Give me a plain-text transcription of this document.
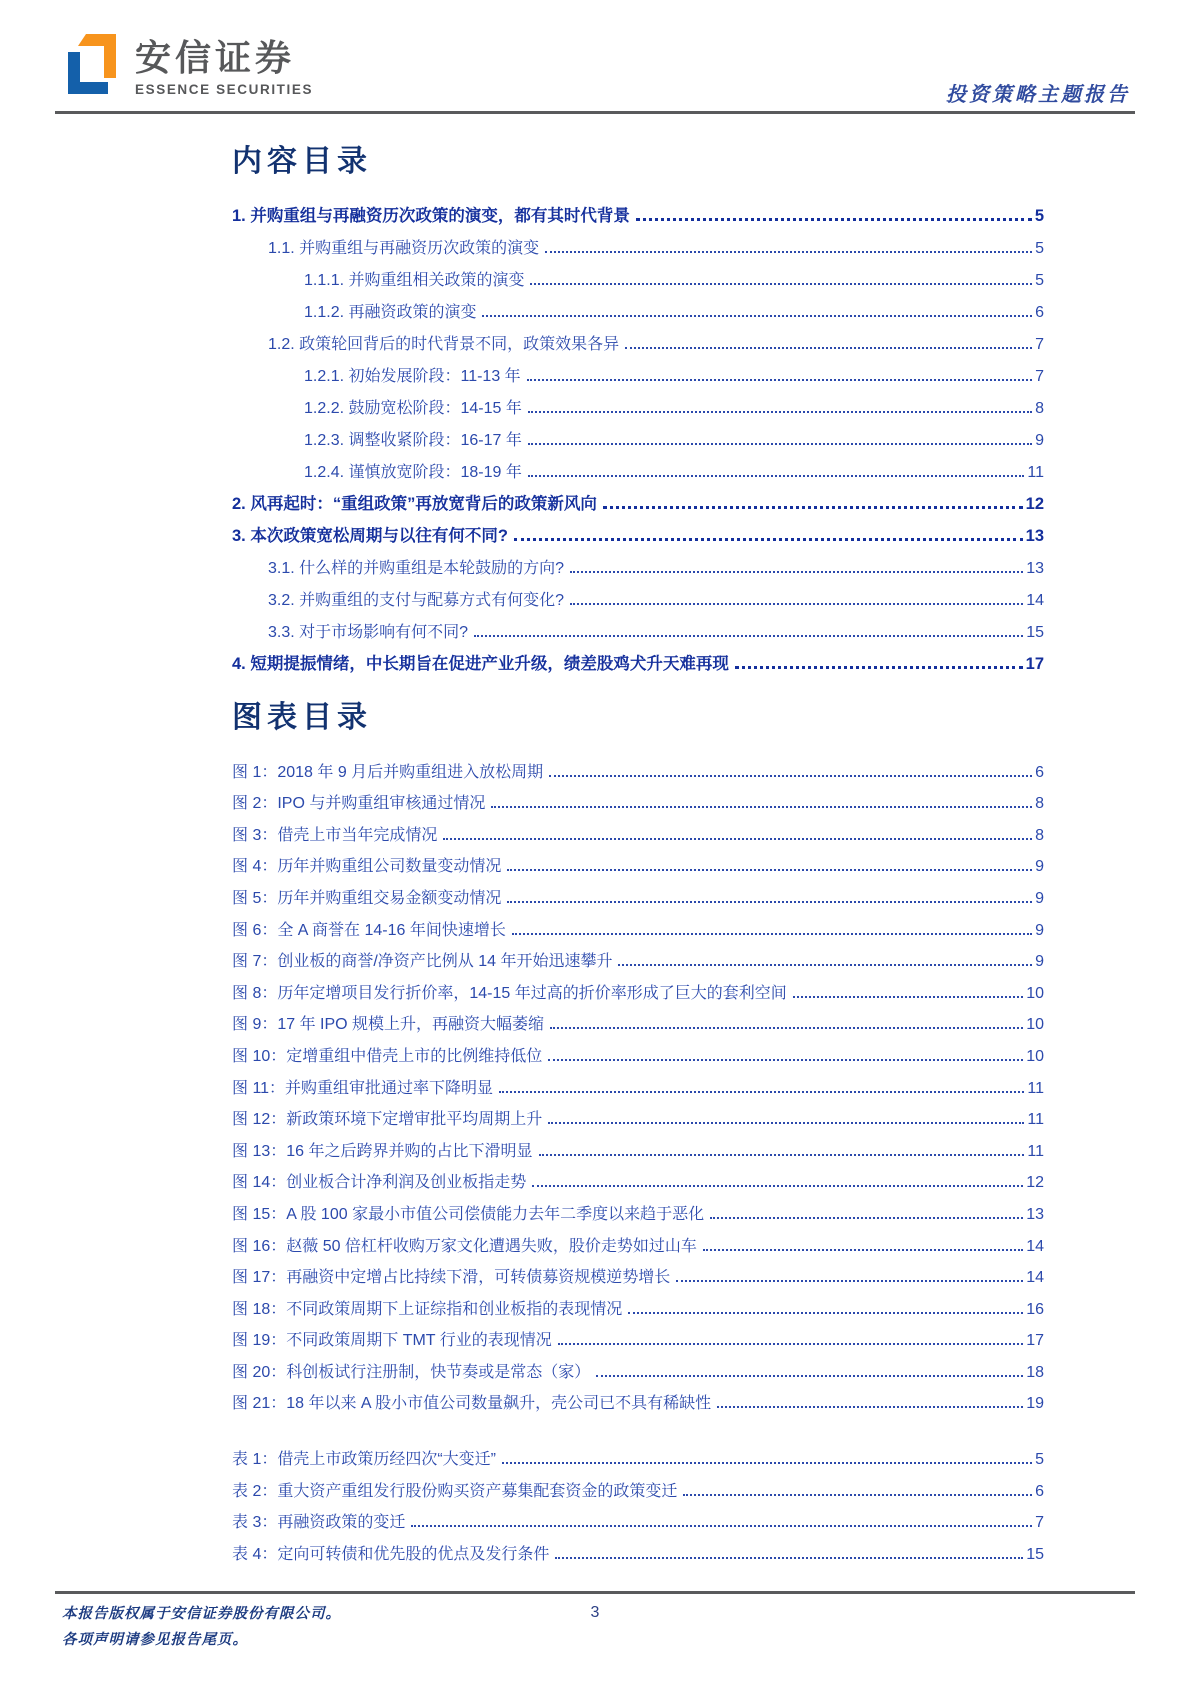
安信证券
ESSENCE SECURITIES	投资策略主题报告
内容目录
1. 并购重组与再融资历次政策的演变，都有其时代背景	5
1.1. 并购重组与再融资历次政策的演变	5
1.1.1. 并购重组相关政策的演变	5
1.1.2. 再融资政策的演变	6
1.2. 政策轮回背后的时代背景不同，政策效果各异	7
1.2.1. 初始发展阶段：11-13 年	7
1.2.2. 鼓励宽松阶段：14-15 年	8
1.2.3. 调整收紧阶段：16-17 年	9
1.2.4. 谨慎放宽阶段：18-19 年	11
2. 风再起时：“重组政策”再放宽背后的政策新风向	12
3. 本次政策宽松周期与以往有何不同?	13
3.1. 什么样的并购重组是本轮鼓励的方向?	13
3.2. 并购重组的支付与配募方式有何变化?	14
3.3. 对于市场影响有何不同?	15
4. 短期提振情绪，中长期旨在促进产业升级，绩差股鸡犬升天难再现	17
图表目录
图 1：2018 年 9 月后并购重组进入放松周期	6
图 2：IPO 与并购重组审核通过情况	8
图 3：借壳上市当年完成情况	8
图 4：历年并购重组公司数量变动情况	9
图 5：历年并购重组交易金额变动情况	9
图 6：全 A 商誉在 14-16 年间快速增长	9
图 7：创业板的商誉/净资产比例从 14 年开始迅速攀升	9
图 8：历年定增项目发行折价率，14-15 年过高的折价率形成了巨大的套利空间	10
图 9：17 年 IPO 规模上升，再融资大幅萎缩	10
图 10：定增重组中借壳上市的比例维持低位	10
图 11：并购重组审批通过率下降明显	11
图 12：新政策环境下定增审批平均周期上升	11
图 13：16 年之后跨界并购的占比下滑明显	11
图 14：创业板合计净利润及创业板指走势	12
图 15：A 股 100 家最小市值公司偿债能力去年二季度以来趋于恶化	13
图 16：赵薇 50 倍杠杆收购万家文化遭遇失败，股价走势如过山车	14
图 17：再融资中定增占比持续下滑，可转债募资规模逆势增长	14
图 18：不同政策周期下上证综指和创业板指的表现情况	16
图 19：不同政策周期下 TMT 行业的表现情况	17
图 20：科创板试行注册制，快节奏或是常态（家）	18
图 21：18 年以来 A 股小市值公司数量飙升，壳公司已不具有稀缺性	19
表 1：借壳上市政策历经四次“大变迁”	5
表 2：重大资产重组发行股份购买资产募集配套资金的政策变迁	6
表 3：再融资政策的变迁	7
表 4：定向可转债和优先股的优点及发行条件	15
本报告版权属于安信证券股份有限公司。
各项声明请参见报告尾页。
3
